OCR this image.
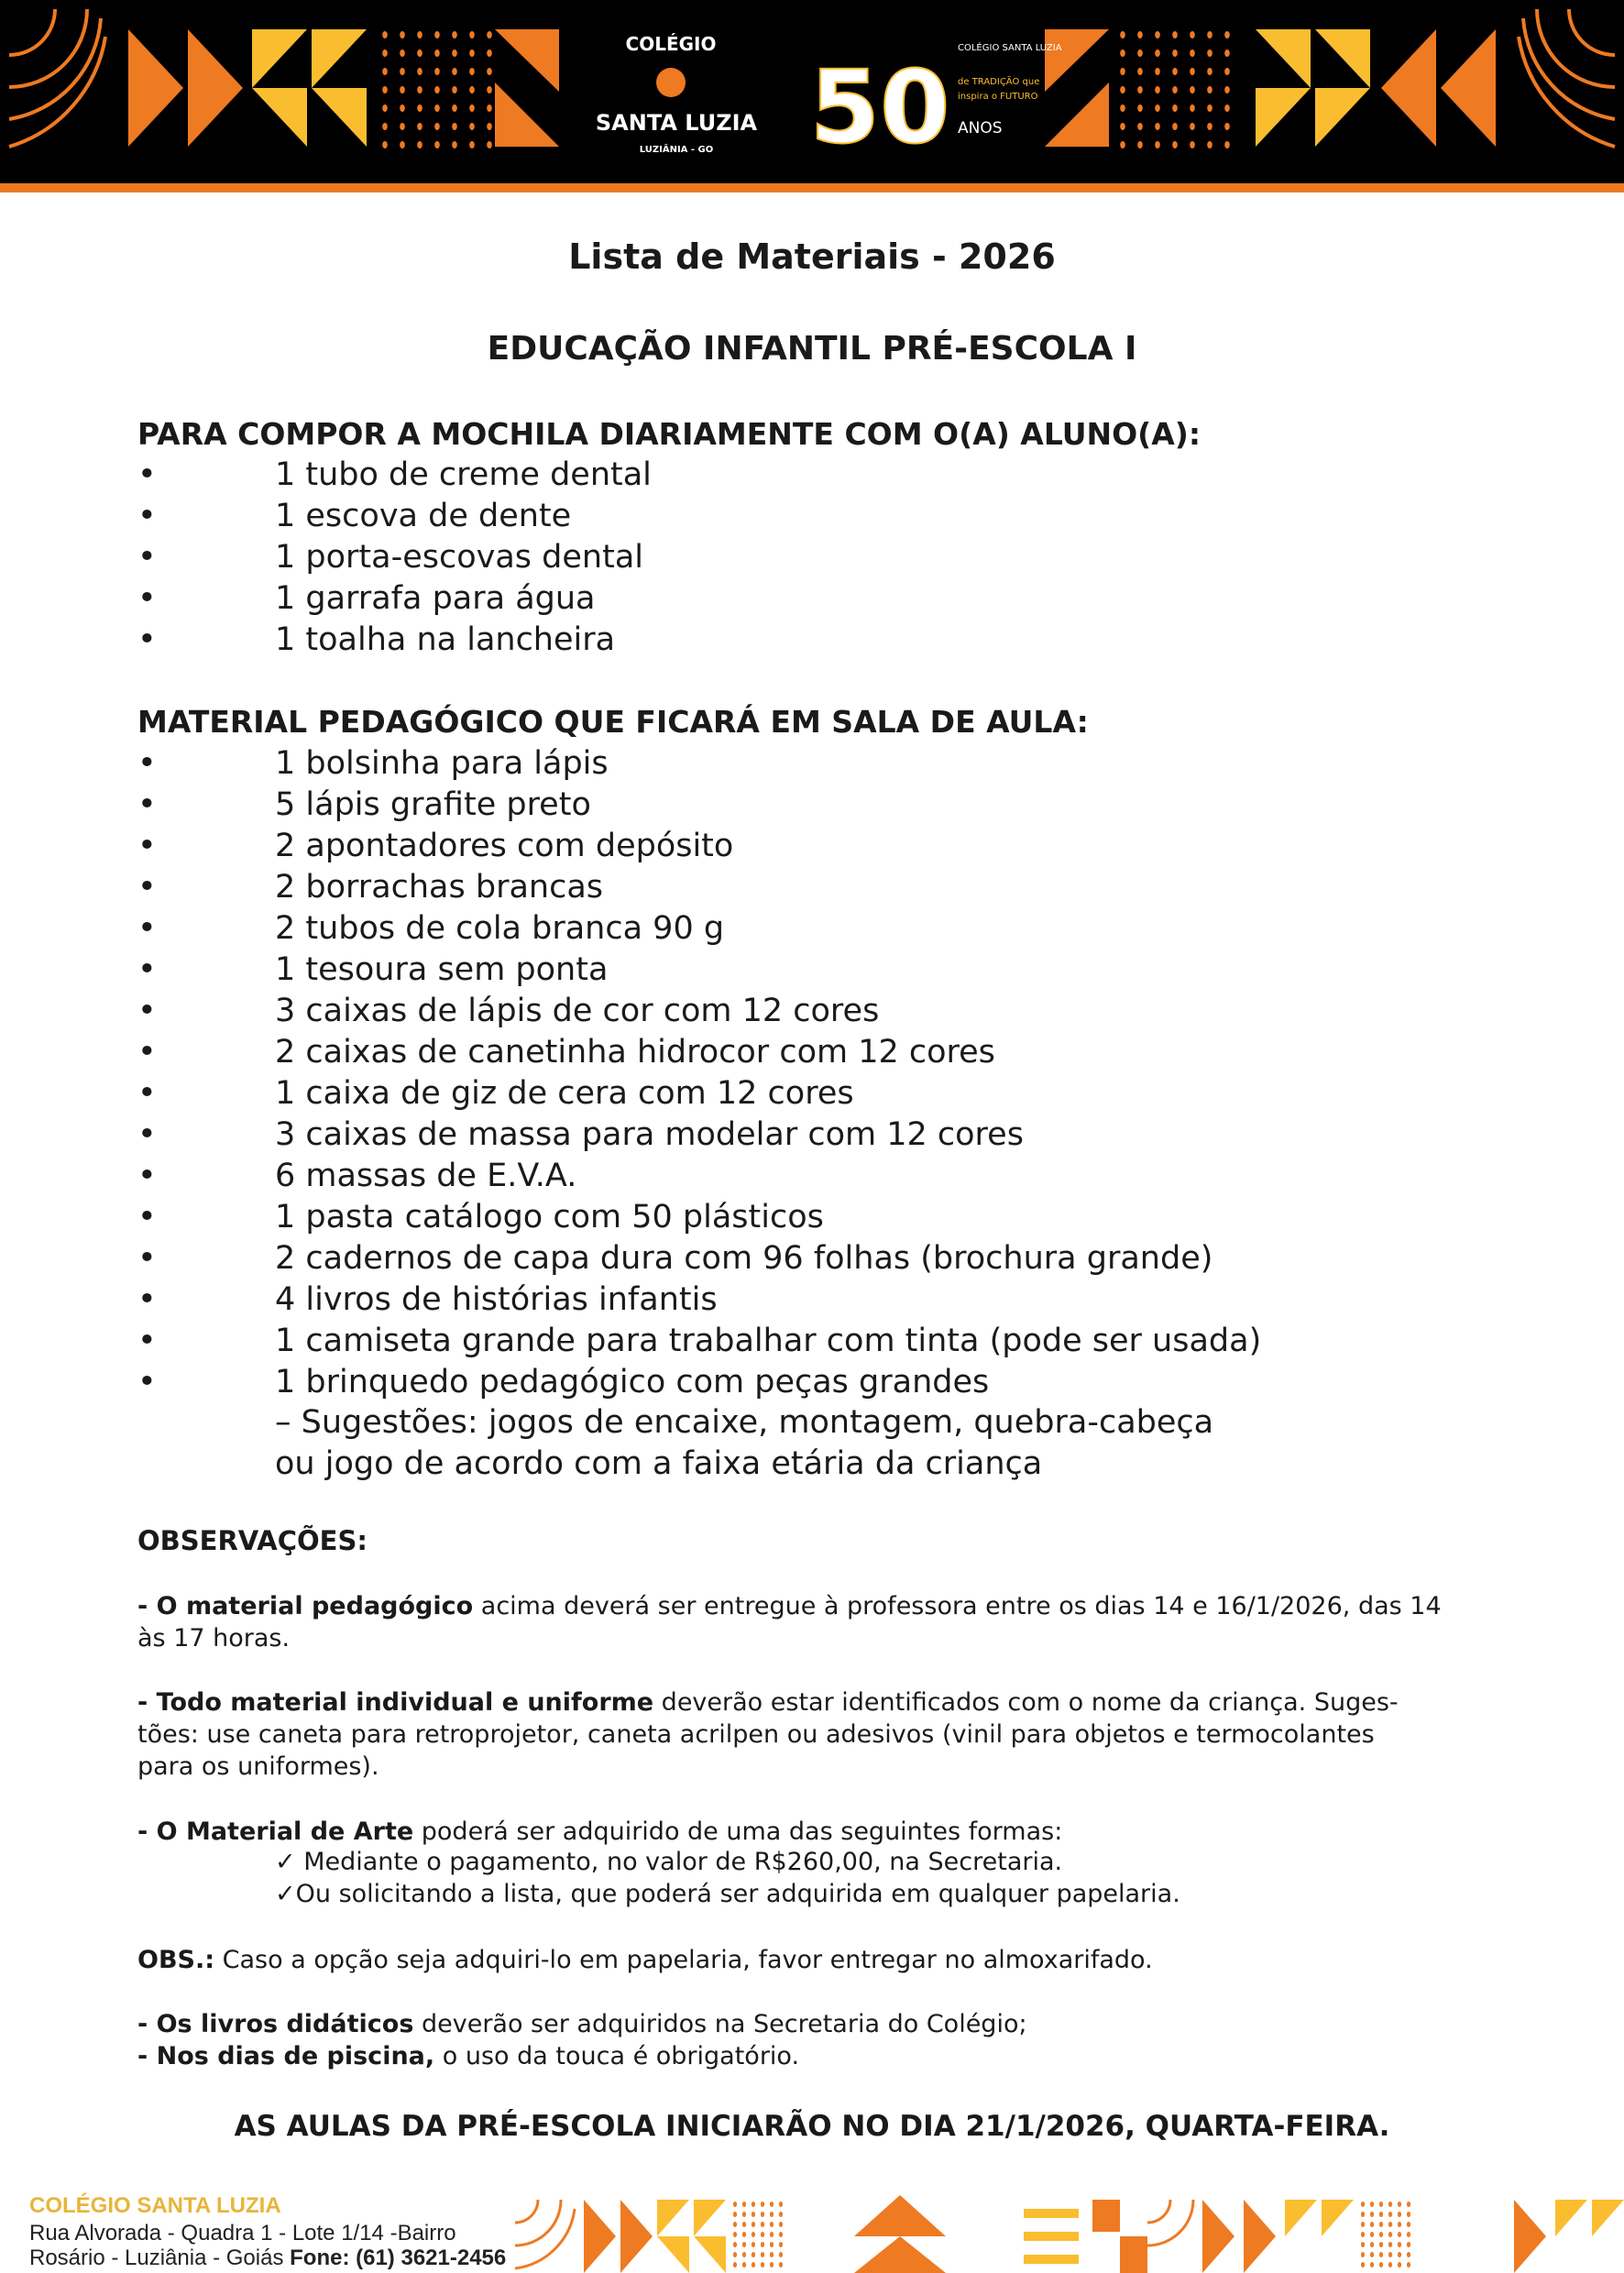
COLÉGIO
SANTA LUZIA
LUZIÂNIA - GO 50
COLÉGIO SANTA LUZIA
de TRADIÇÃO que
inspira o FUTURO
ANOS
Lista de Materiais - 2026
EDUCAÇÃO INFANTIL PRÉ-ESCOLA I
PARA COMPOR A MOCHILA DIARIAMENTE COM O(A) ALUNO(A):
•	1 tubo de creme dental
•	1 escova de dente
•	1 porta-escovas dental
•	1 garrafa para água
•	1 toalha na lancheira
MATERIAL PEDAGÓGICO QUE FICARÁ EM SALA DE AULA:
•	1 bolsinha para lápis
•	5 lápis grafite preto
•	2 apontadores com depósito
•	2 borrachas brancas
•	2 tubos de cola branca 90 g
•	1 tesoura sem ponta
•	3 caixas de lápis de cor com 12 cores
•	2 caixas de canetinha hidrocor com 12 cores
•	1 caixa de giz de cera com 12 cores
•	3 caixas de massa para modelar com 12 cores
•	6 massas de E.V.A.
•	1 pasta catálogo com 50 plásticos
•	2 cadernos de capa dura com 96 folhas (brochura grande)
•	4 livros de histórias infantis
•	1 camiseta grande para trabalhar com tinta (pode ser usada)
•	1 brinquedo pedagógico com peças grandes
– Sugestões: jogos de encaixe, montagem, quebra-cabeça
ou jogo de acordo com a faixa etária da criança
OBSERVAÇÕES:
- O material pedagógico acima deverá ser entregue à professora entre os dias 14 e 16/1/2026, das 14
às 17 horas.
- Todo material individual e uniforme deverão estar identificados com o nome da criança. Suges-
tões: use caneta para retroprojetor, caneta acrilpen ou adesivos (vinil para objetos e termocolantes
para os uniformes).
- O Material de Arte poderá ser adquirido de uma das seguintes formas:
✓ Mediante o pagamento, no valor de R$260,00, na Secretaria.
✓Ou solicitando a lista, que poderá ser adquirida em qualquer papelaria.
OBS.: Caso a opção seja adquiri-lo em papelaria, favor entregar no almoxarifado.
- Os livros didáticos deverão ser adquiridos na Secretaria do Colégio;
- Nos dias de piscina, o uso da touca é obrigatório.
AS AULAS DA PRÉ-ESCOLA INICIARÃO NO DIA 21/1/2026, QUARTA-FEIRA.
COLÉGIO SANTA LUZIA
Rua Alvorada - Quadra 1 - Lote 1/14 -Bairro
Rosário - Luziânia - Goiás Fone: (61) 3621-2456
